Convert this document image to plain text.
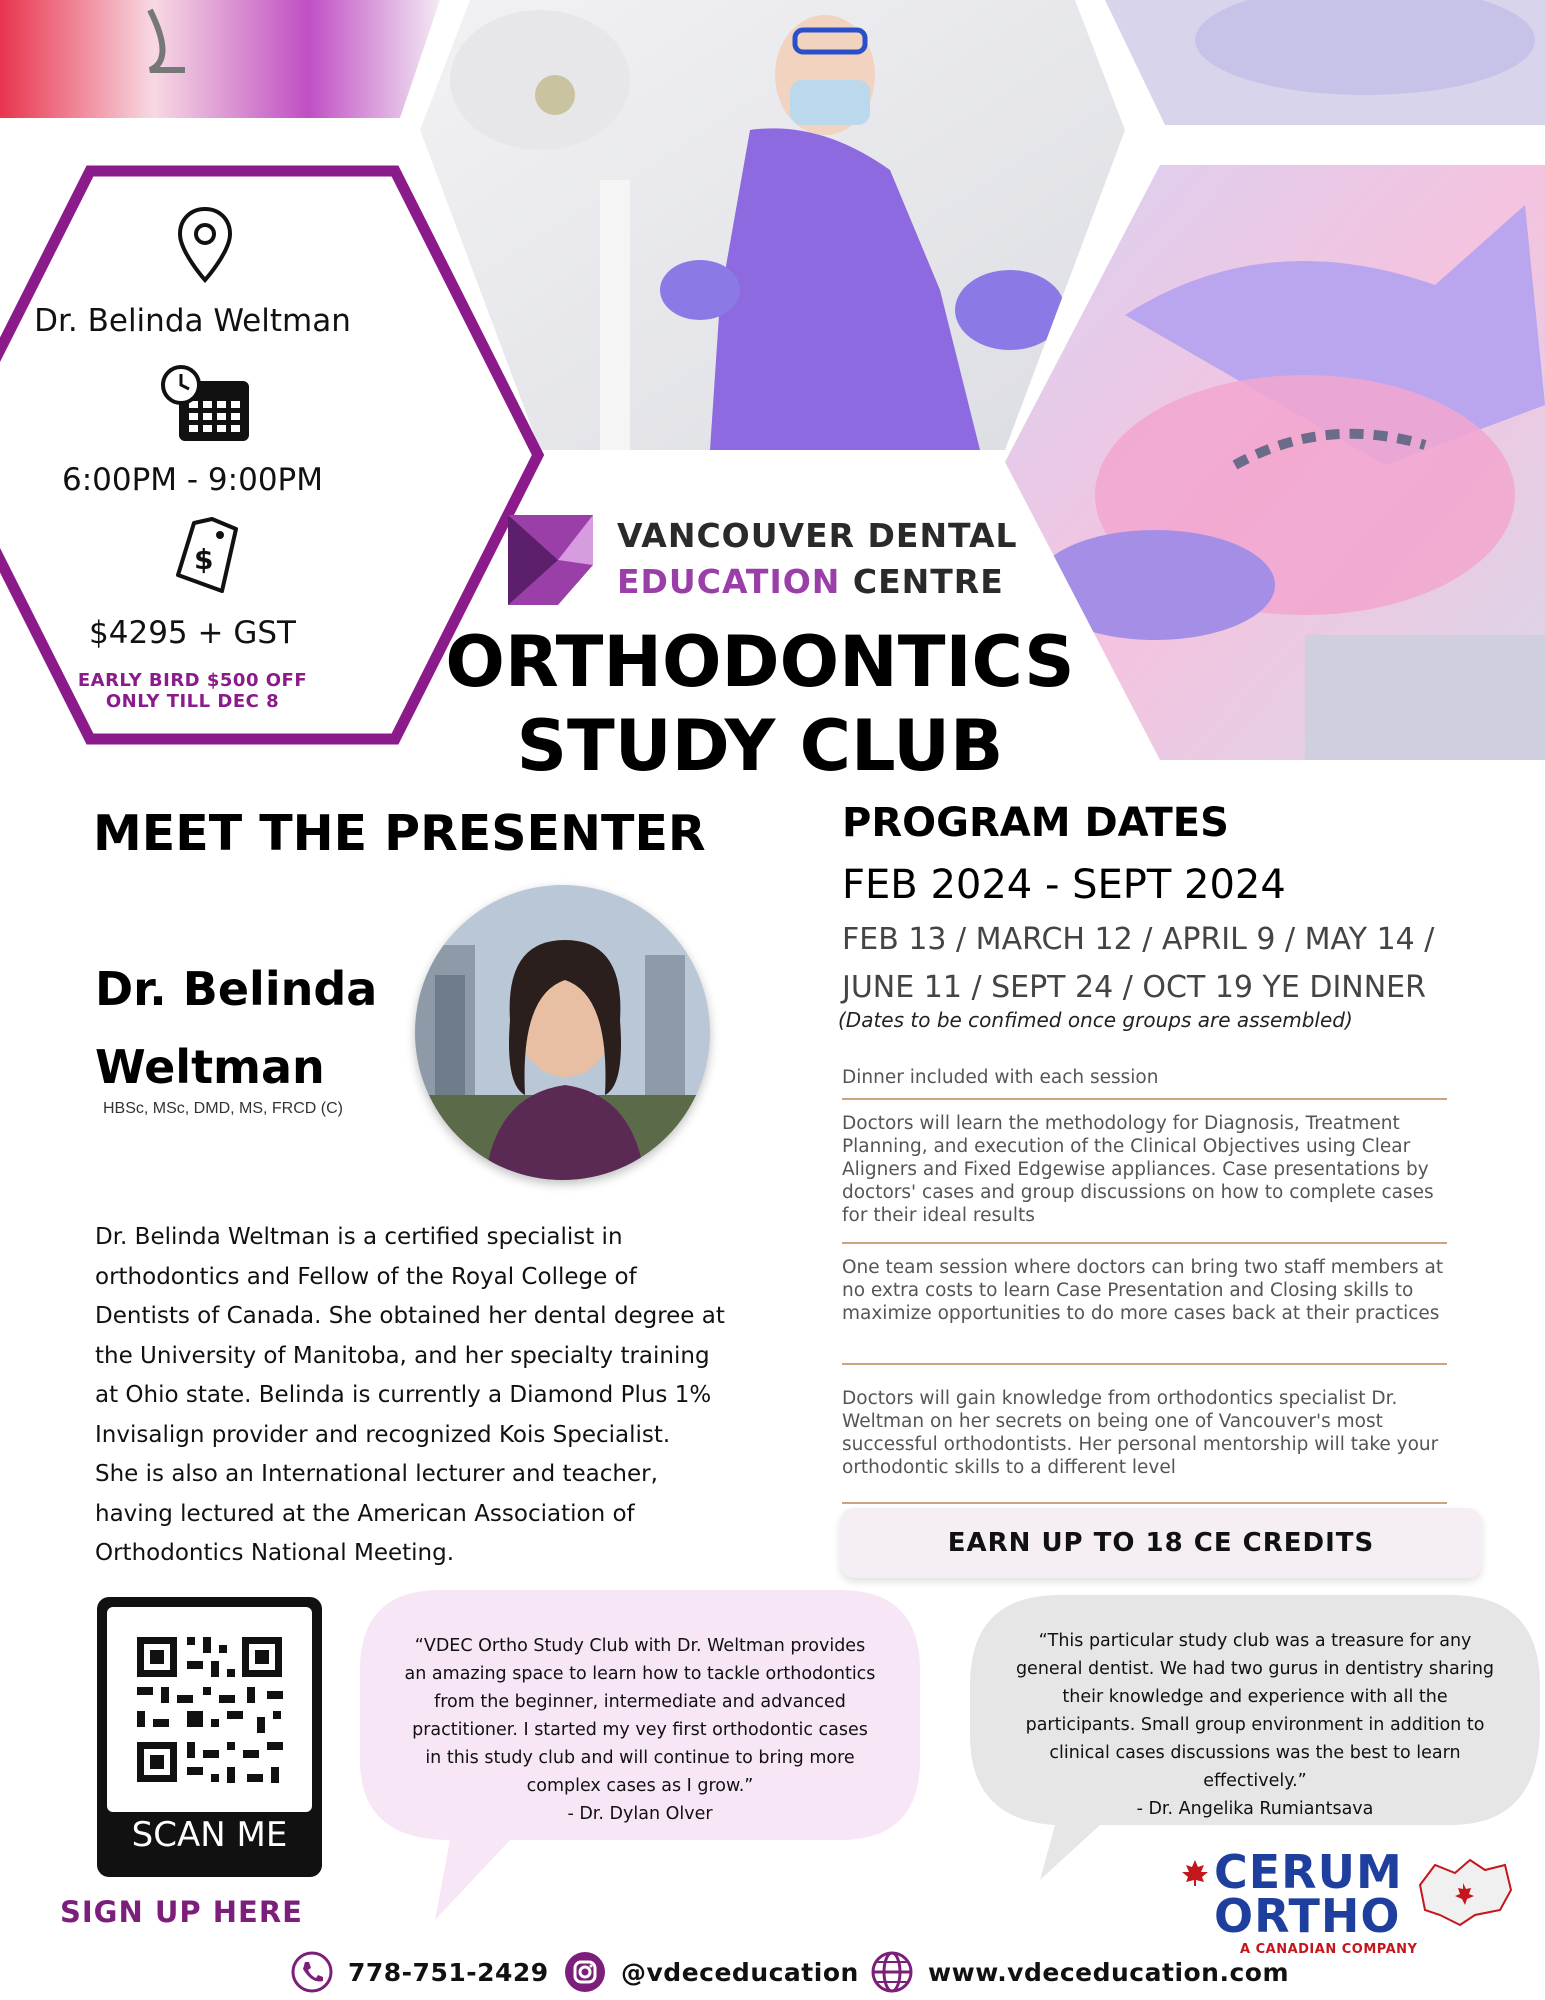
Dr. Belinda Weltman
6:00PM - 9:00PM
$
$4295 + GST
EARLY BIRD $500 OFF
ONLY TILL DEC 8
VANCOUVER DENTAL
EDUCATION CENTRE
ORTHODONTICS
STUDY CLUB
MEET THE PRESENTER
Dr. Belinda
Weltman
HBSc, MSc, DMD, MS, FRCD (C)
Dr. Belinda Weltman is a certified specialist in
orthodontics and Fellow of the Royal College of
Dentists of Canada. She obtained her dental degree at
the University of Manitoba, and her specialty training
at Ohio state. Belinda is currently a Diamond Plus 1%
Invisalign provider and recognized Kois Specialist.
She is also an International lecturer and teacher,
having lectured at the American Association of
Orthodontics National Meeting.
PROGRAM DATES
FEB 2024 - SEPT 2024
FEB 13 / MARCH 12 / APRIL 9 / MAY 14 /
JUNE 11 / SEPT 24 / OCT 19 YE DINNER
(Dates to be confimed once groups are assembled)
Dinner included with each session
Doctors will learn the methodology for Diagnosis, Treatment Planning, and execution of the Clinical Objectives using Clear Aligners and Fixed Edgewise appliances. Case presentations by doctors' cases and group discussions on how to complete cases for their ideal results
One team session where doctors can bring two staff members at no extra costs to learn Case Presentation and Closing skills to maximize opportunities to do more cases back at their practices
Doctors will gain knowledge from orthodontics specialist Dr. Weltman on her secrets on being one of Vancouver's most successful orthodontists. Her personal mentorship will take your orthodontic skills to a different level
EARN UP TO 18 CE CREDITS
SCAN ME
SIGN UP HERE
“VDEC Ortho Study Club with Dr. Weltman provides
an amazing space to learn how to tackle orthodontics
from the beginner, intermediate and advanced
practitioner. I started my vey first orthodontic cases
in this study club and will continue to bring more
complex cases as I grow.”
- Dr. Dylan Olver
“This particular study club was a treasure for any
general dentist. We had two gurus in dentistry sharing
their knowledge and experience with all the
participants. Small group environment in addition to
clinical cases discussions was the best to learn
effectively.”
- Dr. Angelika Rumiantsava
CERUM
ORTHO
A CANADIAN COMPANY
778-751-2429	@vdeceducation	www.vdeceducation.com
